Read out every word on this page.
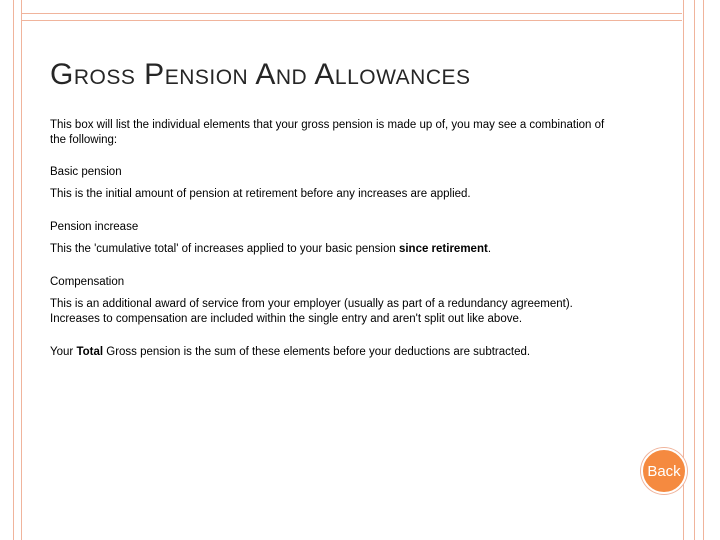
Gross Pension And Allowances

This box will list the individual elements that your gross pension is made up of, you may see a combination of the following:

Basic pension

This is the initial amount of pension at retirement before any increases are applied.

Pension increase

This the 'cumulative total' of increases applied to your basic pension since retirement.

Compensation

This is an additional award of service from your employer (usually as part of a redundancy agreement). Increases to compensation are included within the single entry and aren't split out like above.

Your Total Gross pension is the sum of these elements before your deductions are subtracted.

Back
